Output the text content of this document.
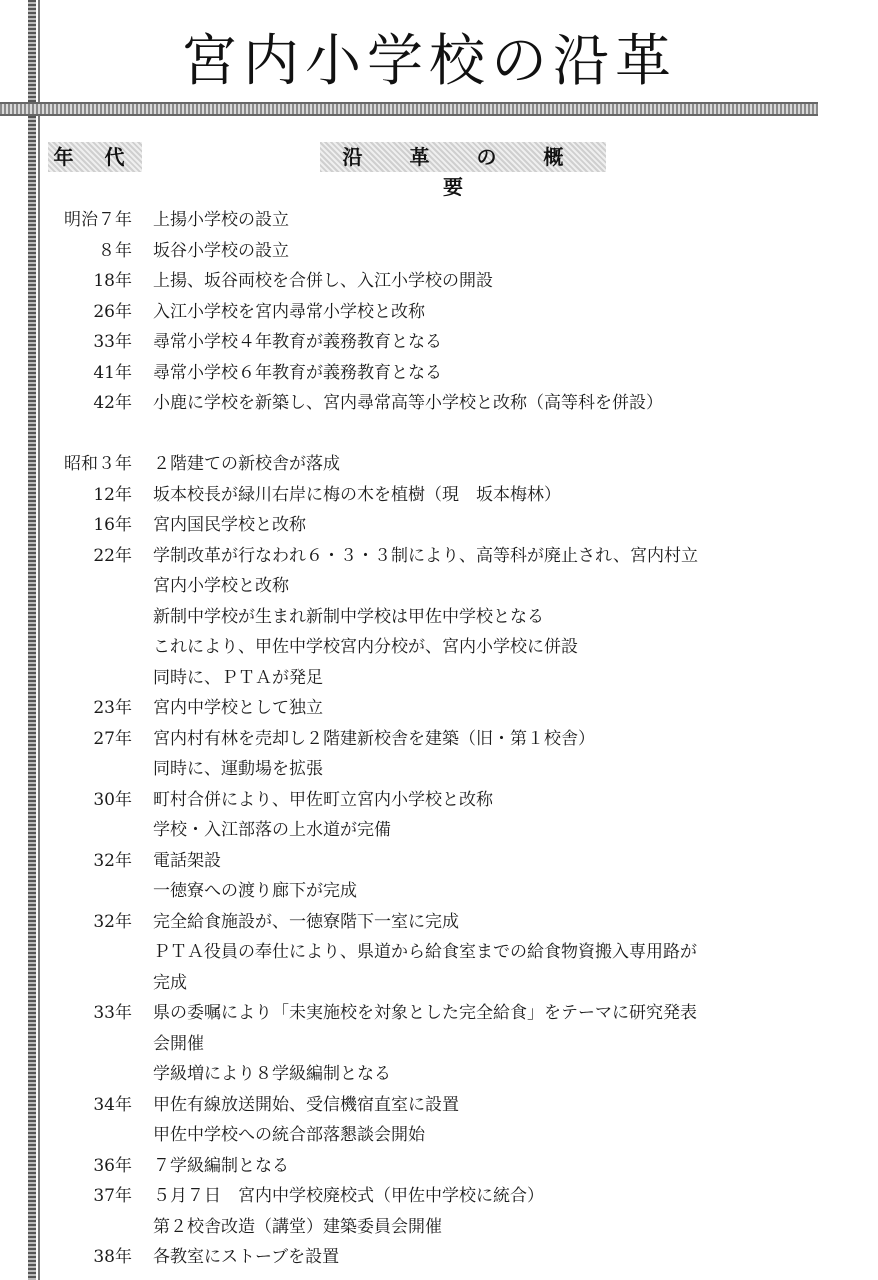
宮内小学校の沿革
年 代	沿 革 の 概 要
明治７年 上揚小学校の設立
８年 坂谷小学校の設立
18年 上揚、坂谷両校を合併し、入江小学校の開設
26年 入江小学校を宮内尋常小学校と改称
33年 尋常小学校４年教育が義務教育となる
41年 尋常小学校６年教育が義務教育となる
42年 小鹿に学校を新築し、宮内尋常高等小学校と改称（高等科を併設）
昭和３年 ２階建ての新校舎が落成
12年 坂本校長が緑川右岸に梅の木を植樹（現　坂本梅林）
16年 宮内国民学校と改称
22年 学制改革が行なわれ６・３・３制により、高等科が廃止され、宮内村立
宮内小学校と改称
新制中学校が生まれ新制中学校は甲佐中学校となる
これにより、甲佐中学校宮内分校が、宮内小学校に併設
同時に、ＰＴＡが発足
23年 宮内中学校として独立
27年 宮内村有林を売却し２階建新校舎を建築（旧・第１校舎）
同時に、運動場を拡張
30年 町村合併により、甲佐町立宮内小学校と改称
学校・入江部落の上水道が完備
32年 電話架設
一徳寮への渡り廊下が完成
32年 完全給食施設が、一徳寮階下一室に完成
ＰＴＡ役員の奉仕により、県道から給食室までの給食物資搬入専用路が
完成
33年 県の委嘱により「未実施校を対象とした完全給食」をテーマに研究発表
会開催
学級増により８学級編制となる
34年 甲佐有線放送開始、受信機宿直室に設置
甲佐中学校への統合部落懇談会開始
36年 ７学級編制となる
37年 ５月７日　宮内中学校廃校式（甲佐中学校に統合）
第２校舎改造（講堂）建築委員会開催
38年 各教室にストーブを設置
